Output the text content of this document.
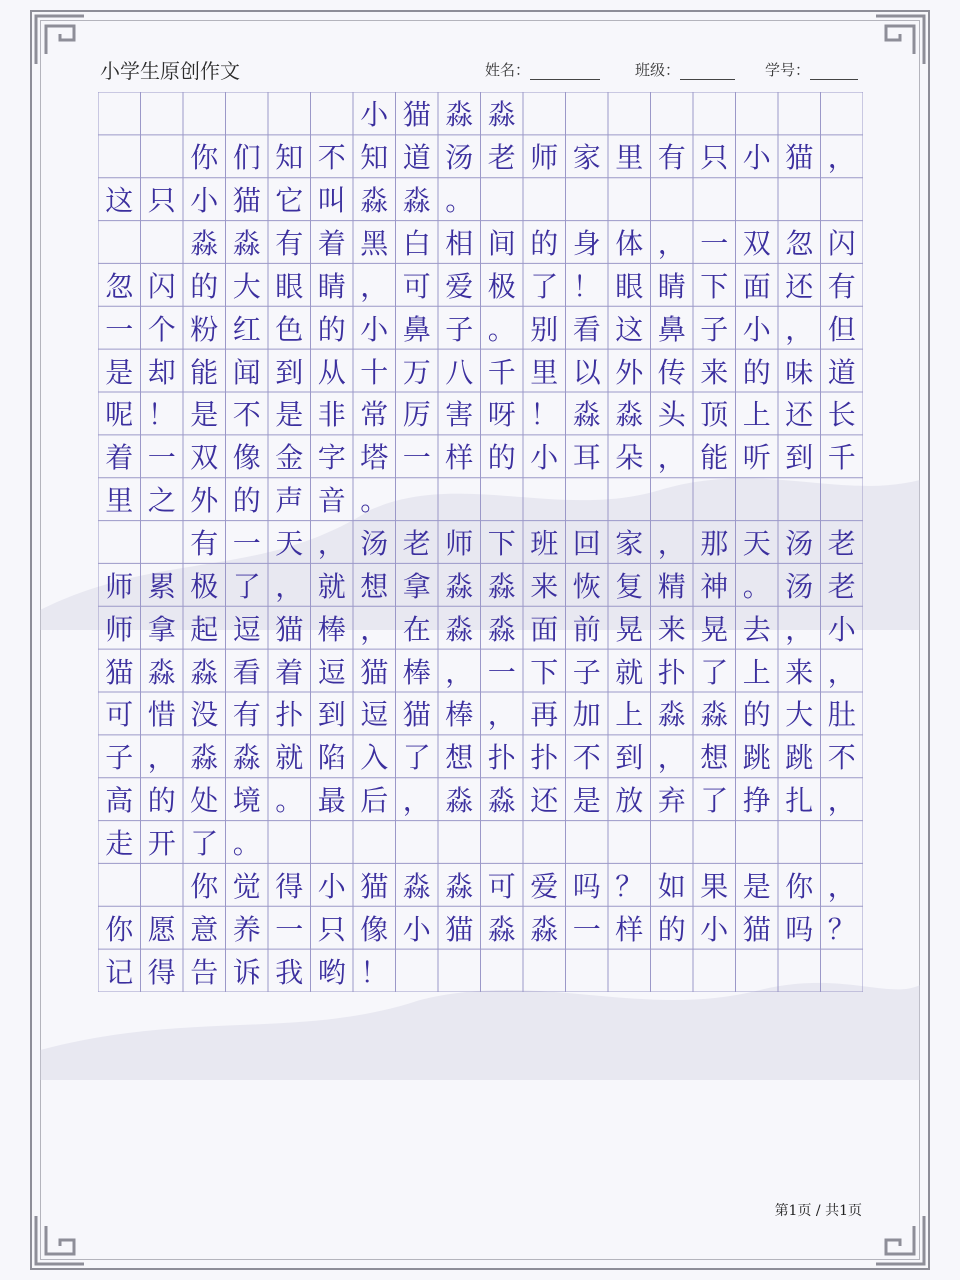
小学生原创作文	姓名：	班级：	学号：
小 猫 淼 淼
你 们 知 不 知 道 汤 老 师 家 里 有 只 小 猫 ，
这 只 小 猫 它 叫 淼 淼 。
淼 淼 有 着 黑 白 相 间 的 身 体 ， 一 双 忽 闪
忽 闪 的 大 眼 睛 ， 可 爱 极 了 ！ 眼 睛 下 面 还 有
一 个 粉 红 色 的 小 鼻 子 。 别 看 这 鼻 子 小 ， 但
是 却 能 闻 到 从 十 万 八 千 里 以 外 传 来 的 味 道
呢 ！ 是 不 是 非 常 厉 害 呀 ！ 淼 淼 头 顶 上 还 长
着 一 双 像 金 字 塔 一 样 的 小 耳 朵 ， 能 听 到 千
里 之 外 的 声 音 。
有 一 天 ， 汤 老 师 下 班 回 家 ， 那 天 汤 老
师 累 极 了 ， 就 想 拿 淼 淼 来 恢 复 精 神 。 汤 老
师 拿 起 逗 猫 棒 ， 在 淼 淼 面 前 晃 来 晃 去 ， 小
猫 淼 淼 看 着 逗 猫 棒 ， 一 下 子 就 扑 了 上 来 ，
可 惜 没 有 扑 到 逗 猫 棒 ， 再 加 上 淼 淼 的 大 肚
子 ， 淼 淼 就 陷 入 了 想 扑 扑 不 到 ， 想 跳 跳 不
高 的 处 境 。 最 后 ， 淼 淼 还 是 放 弃 了 挣 扎 ，
走 开 了 。
你 觉 得 小 猫 淼 淼 可 爱 吗 ？ 如 果 是 你 ，
你 愿 意 养 一 只 像 小 猫 淼 淼 一 样 的 小 猫 吗 ？
记 得 告 诉 我 哟 ！
第1页 / 共1页
